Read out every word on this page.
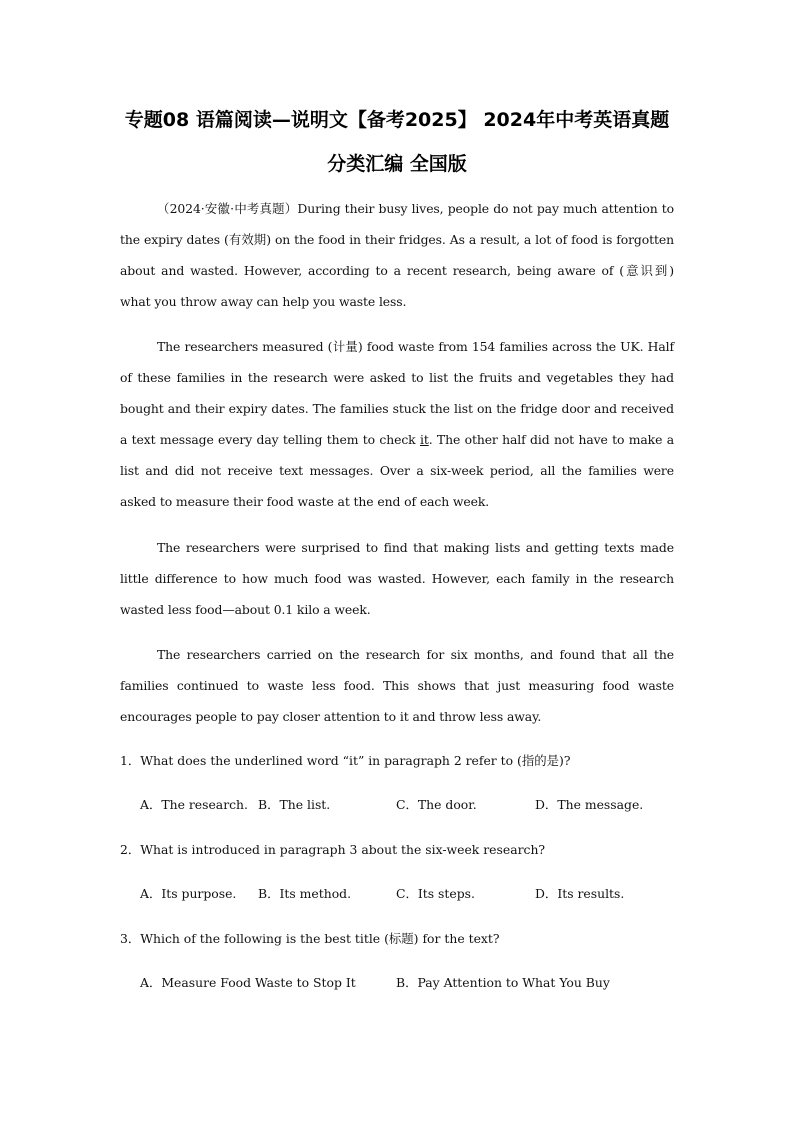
专题08 语篇阅读—说明文【备考2025】 2024年中考英语真题
分类汇编 全国版
（2024·安徽·中考真题）During their busy lives, people do not pay much attention to the expiry dates (有效期) on the food in their fridges. As a result, a lot of food is forgotten about and wasted. However, according to a recent research, being aware of (意识到) what you throw away can help you waste less.
The researchers measured (计量) food waste from 154 families across the UK. Half of these families in the research were asked to list the fruits and vegetables they had bought and their expiry dates. The families stuck the list on the fridge door and received a text message every day telling them to check it. The other half did not have to make a list and did not receive text messages. Over a six-week period, all the families were asked to measure their food waste at the end of each week.
The researchers were surprised to find that making lists and getting texts made little difference to how much food was wasted. However, each family in the research wasted less food—about 0.1 kilo a week.
The researchers carried on the research for six months, and found that all the families continued to waste less food. This shows that just measuring food waste encourages people to pay closer attention to it and throw less away.
1．What does the underlined word “it” in paragraph 2 refer to (指的是)?
A．The research. B．The list.	C．The door.	D．The message.
2．What is introduced in paragraph 3 about the six-week research?
A．Its purpose. B．Its method.	C．Its steps.	D．Its results.
3．Which of the following is the best title (标题) for the text?
A．Measure Food Waste to Stop It	B．Pay Attention to What You Buy
